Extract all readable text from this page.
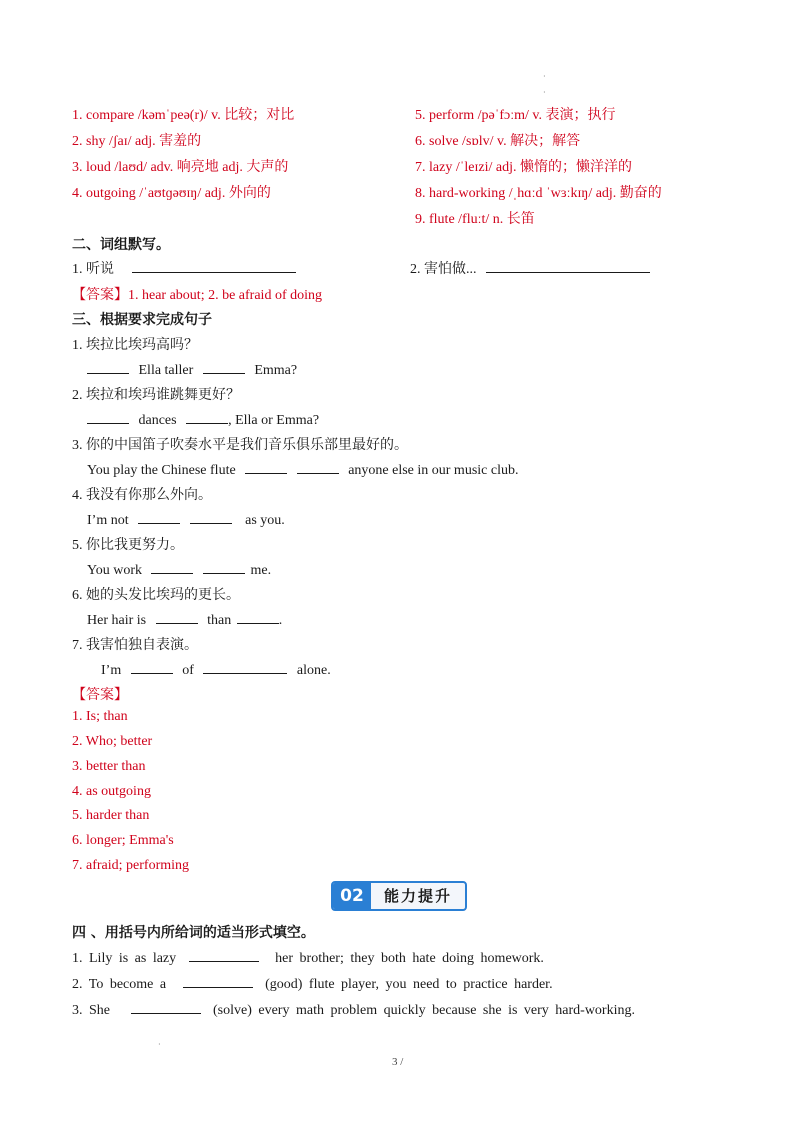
·
·
1. compare /kəmˈpeə(r)/ v. 比较；对比
2. shy /ʃaɪ/ adj. 害羞的
3. loud /laʊd/ adv. 响亮地 adj. 大声的
4. outgoing /ˈaʊtɡəʊɪŋ/ adj. 外向的
5. perform /pəˈfɔːm/ v. 表演；执行
6. solve /sɒlv/ v. 解决；解答
7. lazy /ˈleɪzi/ adj. 懒惰的；懒洋洋的
8. hard-working /ˌhɑːd ˈwɜːkɪŋ/ adj. 勤奋的
9. flute /fluːt/ n. 长笛
二、词组默写。
1. 听说	2. 害怕做...
【答案】1. hear about; 2. be afraid of doing
三、根据要求完成句子
1. 埃拉比埃玛高吗？
Ella taller	Emma?
2. 埃拉和埃玛谁跳舞更好？
dances	, Ella or Emma?
3. 你的中国笛子吹奏水平是我们音乐俱乐部里最好的。
You play the Chinese flute	anyone else in our music club.
4. 我没有你那么外向。
I’m not	as you.
5. 你比我更努力。
You work	me.
6. 她的头发比埃玛的更长。
Her hair is	than	.
7. 我害怕独自表演。
I’m	of	alone.
【答案】
1. Is; than
2. Who; better
3. better than
4. as outgoing
5. harder than
6. longer; Emma's
7. afraid; performing
02	能力提升
四 、用括号内所给词的适当形式填空。
1. Lily is as lazy	her brother; they both hate doing homework.
2. To become a	(good) flute player, you need to practice harder.
3. She	(solve) every math problem quickly because she is very hard-working.
·
3 /
